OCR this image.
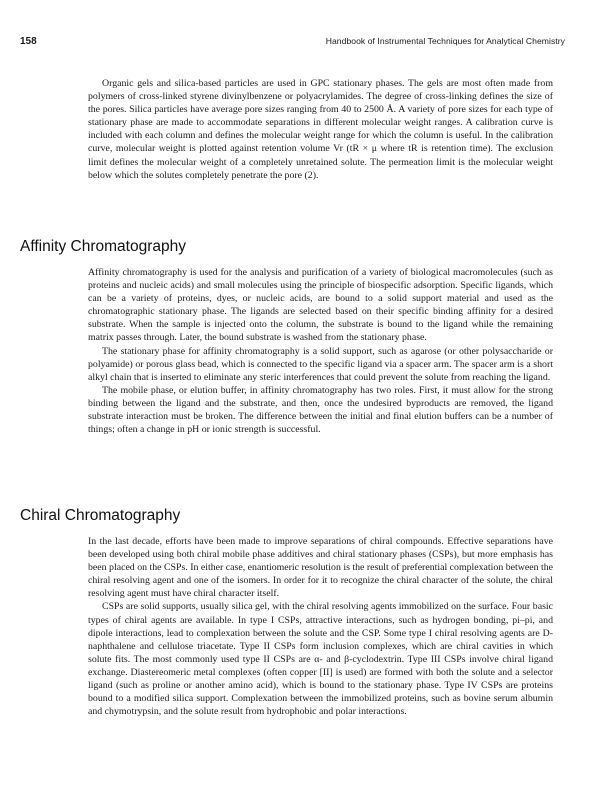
158	Handbook of Instrumental Techniques for Analytical Chemistry

Organic gels and silica-based particles are used in GPC stationary phases. The gels are most often made from polymers of cross-linked styrene divinylbenzene or polyacrylamides. The degree of cross-linking defines the size of the pores. Silica particles have average pore sizes ranging from 40 to 2500 Å. A variety of pore sizes for each type of stationary phase are made to accommodate separations in different molecular weight ranges. A calibration curve is included with each column and defines the molecular weight range for which the column is useful. In the calibration curve, molecular weight is plotted against retention volume Vr (tR × μ where tR is retention time). The exclusion limit defines the molecular weight of a completely unretained solute. The permeation limit is the molecular weight below which the solutes completely penetrate the pore (2).

Affinity Chromatography

Affinity chromatography is used for the analysis and purification of a variety of biological macromolecules (such as proteins and nucleic acids) and small molecules using the principle of biospecific adsorption. Specific ligands, which can be a variety of proteins, dyes, or nucleic acids, are bound to a solid support material and used as the chromatographic stationary phase. The ligands are selected based on their specific binding affinity for a desired substrate. When the sample is injected onto the column, the substrate is bound to the ligand while the remaining matrix passes through. Later, the bound substrate is washed from the stationary phase.

The stationary phase for affinity chromatography is a solid support, such as agarose (or other polysaccharide or polyamide) or porous glass bead, which is connected to the specific ligand via a spacer arm. The spacer arm is a short alkyl chain that is inserted to eliminate any steric interferences that could prevent the solute from reaching the ligand.

The mobile phase, or elution buffer, in affinity chromatography has two roles. First, it must allow for the strong binding between the ligand and the substrate, and then, once the undesired byproducts are removed, the ligand substrate interaction must be broken. The difference between the initial and final elution buffers can be a number of things; often a change in pH or ionic strength is successful.

Chiral Chromatography

In the last decade, efforts have been made to improve separations of chiral compounds. Effective separations have been developed using both chiral mobile phase additives and chiral stationary phases (CSPs), but more emphasis has been placed on the CSPs. In either case, enantiomeric resolution is the result of preferential complexation between the chiral resolving agent and one of the isomers. In order for it to recognize the chiral character of the solute, the chiral resolving agent must have chiral character itself.

CSPs are solid supports, usually silica gel, with the chiral resolving agents immobilized on the surface. Four basic types of chiral agents are available. In type I CSPs, attractive interactions, such as hydrogen bonding, pi–pi, and dipole interactions, lead to complexation between the solute and the CSP. Some type I chiral resolving agents are D-naphthalene and cellulose triacetate. Type II CSPs form inclusion complexes, which are chiral cavities in which solute fits. The most commonly used type II CSPs are α- and β-cyclodextrin. Type III CSPs involve chiral ligand exchange. Diastereomeric metal complexes (often copper [II] is used) are formed with both the solute and a selector ligand (such as proline or another amino acid), which is bound to the stationary phase. Type IV CSPs are proteins bound to a modified silica support. Complexation between the immobilized proteins, such as bovine serum albumin and chymotrypsin, and the solute result from hydrophobic and polar interactions.
